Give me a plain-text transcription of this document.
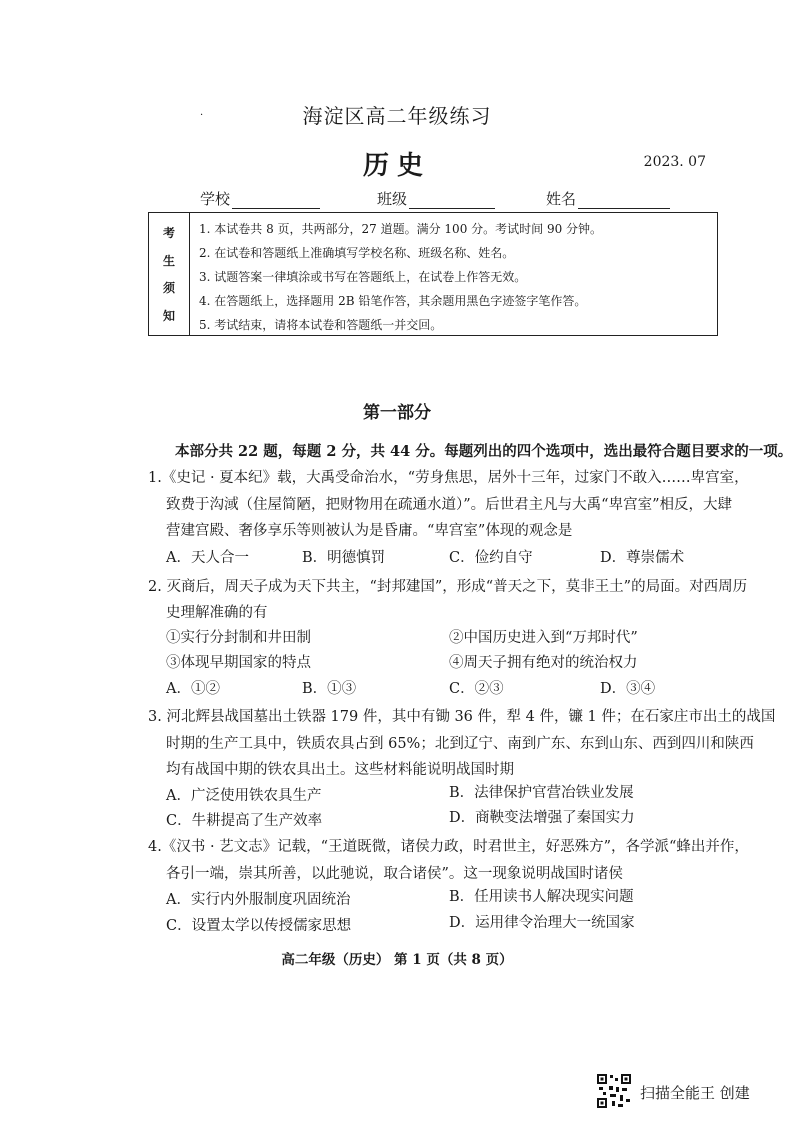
·	海淀区高二年级练习
历史	2023. 07
学校	班级	姓名
考
生
须
知
1. 本试卷共 8 页，共两部分，27 道题。满分 100 分。考试时间 90 分钟。
2. 在试卷和答题纸上准确填写学校名称、班级名称、姓名。
3. 试题答案一律填涂或书写在答题纸上，在试卷上作答无效。
4. 在答题纸上，选择题用 2B 铅笔作答，其余题用黑色字迹签字笔作答。
5. 考试结束，请将本试卷和答题纸一并交回。
第一部分
本部分共 22 题，每题 2 分，共 44 分。每题列出的四个选项中，选出最符合题目要求的一项。
1.《史记 · 夏本纪》载，大禹受命治水，“劳身焦思，居外十三年，过家门不敢入……卑宫室，
致费于沟淢（住屋简陋，把财物用在疏通水道）”。后世君主凡与大禹“卑宫室”相反，大肆
营建宫殿、奢侈享乐等则被认为是昏庸。“卑宫室”体现的观念是
A．天人合一	B．明德慎罚	C．俭约自守	D．尊崇儒术
2. 灭商后，周天子成为天下共主，“封邦建国”，形成“普天之下，莫非王土”的局面。对西周历
史理解准确的有
①实行分封制和井田制	②中国历史进入到“万邦时代”
③体现早期国家的特点	④周天子拥有绝对的统治权力
A．①②	B．①③	C．②③	D．③④
3. 河北辉县战国墓出土铁器 179 件，其中有锄 36 件，犁 4 件，镰 1 件；在石家庄市出土的战国
时期的生产工具中，铁质农具占到 65%；北到辽宁、南到广东、东到山东、西到四川和陕西
均有战国中期的铁农具出土。这些材料能说明战国时期
A．广泛使用铁农具生产	B．法律保护官营冶铁业发展
C．牛耕提高了生产效率	D．商鞅变法增强了秦国实力
4.《汉书 · 艺文志》记载，“王道既微，诸侯力政，时君世主，好恶殊方”，各学派“蜂出并作，
各引一端，崇其所善，以此驰说，取合诸侯”。这一现象说明战国时诸侯
A．实行内外服制度巩固统治	B．任用读书人解决现实问题
C．设置太学以传授儒家思想	D．运用律令治理大一统国家
高二年级（历史） 第 1 页（共 8 页）
扫描全能王 创建
